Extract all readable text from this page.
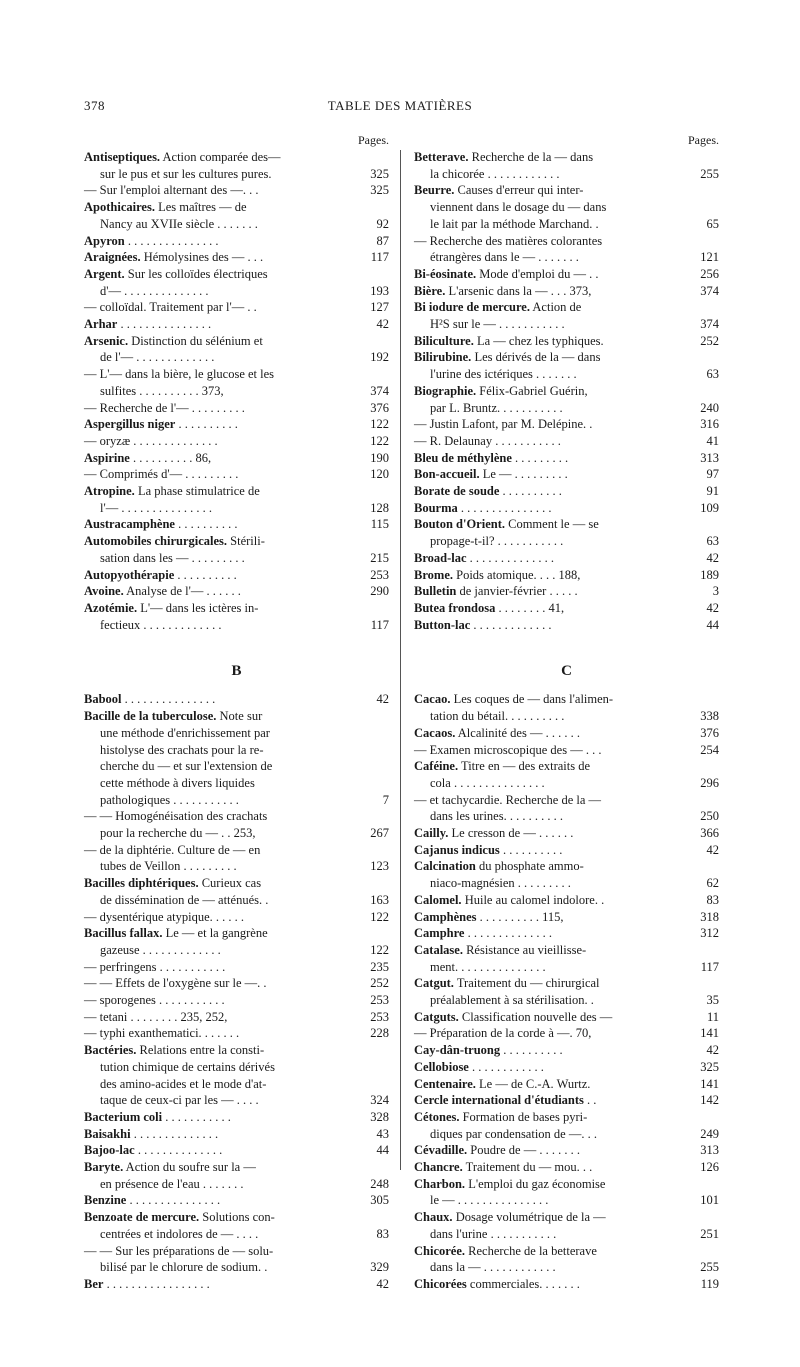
378	TABLE DES MATIÈRES
Pages.
Antiseptiques. Action comparée des—
sur le pus et sur les cultures pures.	325
— Sur l'emploi alternant des —. . .	325
Apothicaires. Les maîtres — de
Nancy au XVIIe siècle . . . . . . .	92
Apyron . . . . . . . . . . . . . . .	87
Araignées. Hémolysines des — . . .	117
Argent. Sur les colloïdes électriques
d'— . . . . . . . . . . . . . .	193
— colloïdal. Traitement par l'— . .	127
Arhar . . . . . . . . . . . . . . .	42
Arsenic. Distinction du sélénium et
de l'— . . . . . . . . . . . . .	192
— L'— dans la bière, le glucose et les
sulfites . . . . . . . . . . 373,	374
— Recherche de l'— . . . . . . . . .	376
Aspergillus niger . . . . . . . . . .	122
— oryzæ . . . . . . . . . . . . . .	122
Aspirine . . . . . . . . . . 86,	190
— Comprimés d'— . . . . . . . . .	120
Atropine. La phase stimulatrice de
l'— . . . . . . . . . . . . . . .	128
Austracamphène . . . . . . . . . .	115
Automobiles chirurgicales. Stérili-
sation dans les — . . . . . . . . .	215
Autopyothérapie . . . . . . . . . .	253
Avoine. Analyse de l'— . . . . . .	290
Azotémie. L'— dans les ictères in-
fectieux . . . . . . . . . . . . .	117
B
Babool . . . . . . . . . . . . . . .	42
Bacille de la tuberculose. Note sur
une méthode d'enrichissement par
histolyse des crachats pour la re-
cherche du — et sur l'extension de
cette méthode à divers liquides
pathologiques . . . . . . . . . . .	7
— — Homogénéisation des crachats
pour la recherche du — . . 253,	267
— de la diphtérie. Culture de — en
tubes de Veillon . . . . . . . . .	123
Bacilles diphtériques. Curieux cas
de dissémination de — atténués. .	163
— dysentérique atypique. . . . . .	122
Bacillus fallax. Le — et la gangrène
gazeuse . . . . . . . . . . . . .	122
— perfringens . . . . . . . . . . .	235
— — Effets de l'oxygène sur le —. .	252
— sporogenes . . . . . . . . . . .	253
— tetani . . . . . . . . 235, 252,	253
— typhi exanthematici. . . . . . .	228
Bactéries. Relations entre la consti-
tution chimique de certains dérivés
des amino-acides et le mode d'at-
taque de ceux-ci par les — . . . .	324
Bacterium coli . . . . . . . . . . .	328
Baisakhi . . . . . . . . . . . . . .	43
Bajoo-lac . . . . . . . . . . . . . .	44
Baryte. Action du soufre sur la —
en présence de l'eau . . . . . . .	248
Benzine . . . . . . . . . . . . . . .	305
Benzoate de mercure. Solutions con-
centrées et indolores de — . . . .	83
— — Sur les préparations de — solu-
bilisé par le chlorure de sodium. .	329
Ber . . . . . . . . . . . . . . . . .	42
Pages.
Betterave. Recherche de la — dans
la chicorée . . . . . . . . . . . .	255
Beurre. Causes d'erreur qui inter-
viennent dans le dosage du — dans
le lait par la méthode Marchand. .	65
— Recherche des matières colorantes
étrangères dans le — . . . . . . .	121
Bi-éosinate. Mode d'emploi du — . .	256
Bière. L'arsenic dans la — . . . 373,	374
Bi iodure de mercure. Action de
H²S sur le — . . . . . . . . . . .	374
Biliculture. La — chez les typhiques.	252
Bilirubine. Les dérivés de la — dans
l'urine des ictériques . . . . . . .	63
Biographie. Félix-Gabriel Guérin,
par L. Bruntz. . . . . . . . . . .	240
— Justin Lafont, par M. Delépine. .	316
— R. Delaunay . . . . . . . . . . .	41
Bleu de méthylène . . . . . . . . .	313
Bon-accueil. Le — . . . . . . . . .	97
Borate de soude . . . . . . . . . .	91
Bourma . . . . . . . . . . . . . . .	109
Bouton d'Orient. Comment le — se
propage-t-il? . . . . . . . . . . .	63
Broad-lac . . . . . . . . . . . . . .	42
Brome. Poids atomique. . . . 188,	189
Bulletin de janvier-février . . . . .	3
Butea frondosa . . . . . . . . 41,	42
Button-lac . . . . . . . . . . . . .	44
C
Cacao. Les coques de — dans l'alimen-
tation du bétail. . . . . . . . . .	338
Cacaos. Alcalinité des — . . . . . .	376
— Examen microscopique des — . . .	254
Caféine. Titre en — des extraits de
cola . . . . . . . . . . . . . . .	296
— et tachycardie. Recherche de la —
dans les urines. . . . . . . . . .	250
Cailly. Le cresson de — . . . . . .	366
Cajanus indicus . . . . . . . . . .	42
Calcination du phosphate ammo-
niaco-magnésien . . . . . . . . .	62
Calomel. Huile au calomel indolore. .	83
Camphènes . . . . . . . . . . 115,	318
Camphre . . . . . . . . . . . . . .	312
Catalase. Résistance au vieillisse-
ment. . . . . . . . . . . . . . .	117
Catgut. Traitement du — chirurgical
préalablement à sa stérilisation. .	35
Catguts. Classification nouvelle des —	11
— Préparation de la corde à —. 70,	141
Cay-dân-truong . . . . . . . . . .	42
Cellobiose . . . . . . . . . . . .	325
Centenaire. Le — de C.-A. Wurtz.	141
Cercle international d'étudiants . .	142
Cétones. Formation de bases pyri-
diques par condensation de —. . .	249
Cévadille. Poudre de — . . . . . . .	313
Chancre. Traitement du — mou. . .	126
Charbon. L'emploi du gaz économise
le — . . . . . . . . . . . . . . .	101
Chaux. Dosage volumétrique de la —
dans l'urine . . . . . . . . . . .	251
Chicorée. Recherche de la betterave
dans la — . . . . . . . . . . . .	255
Chicorées commerciales. . . . . . .	119
